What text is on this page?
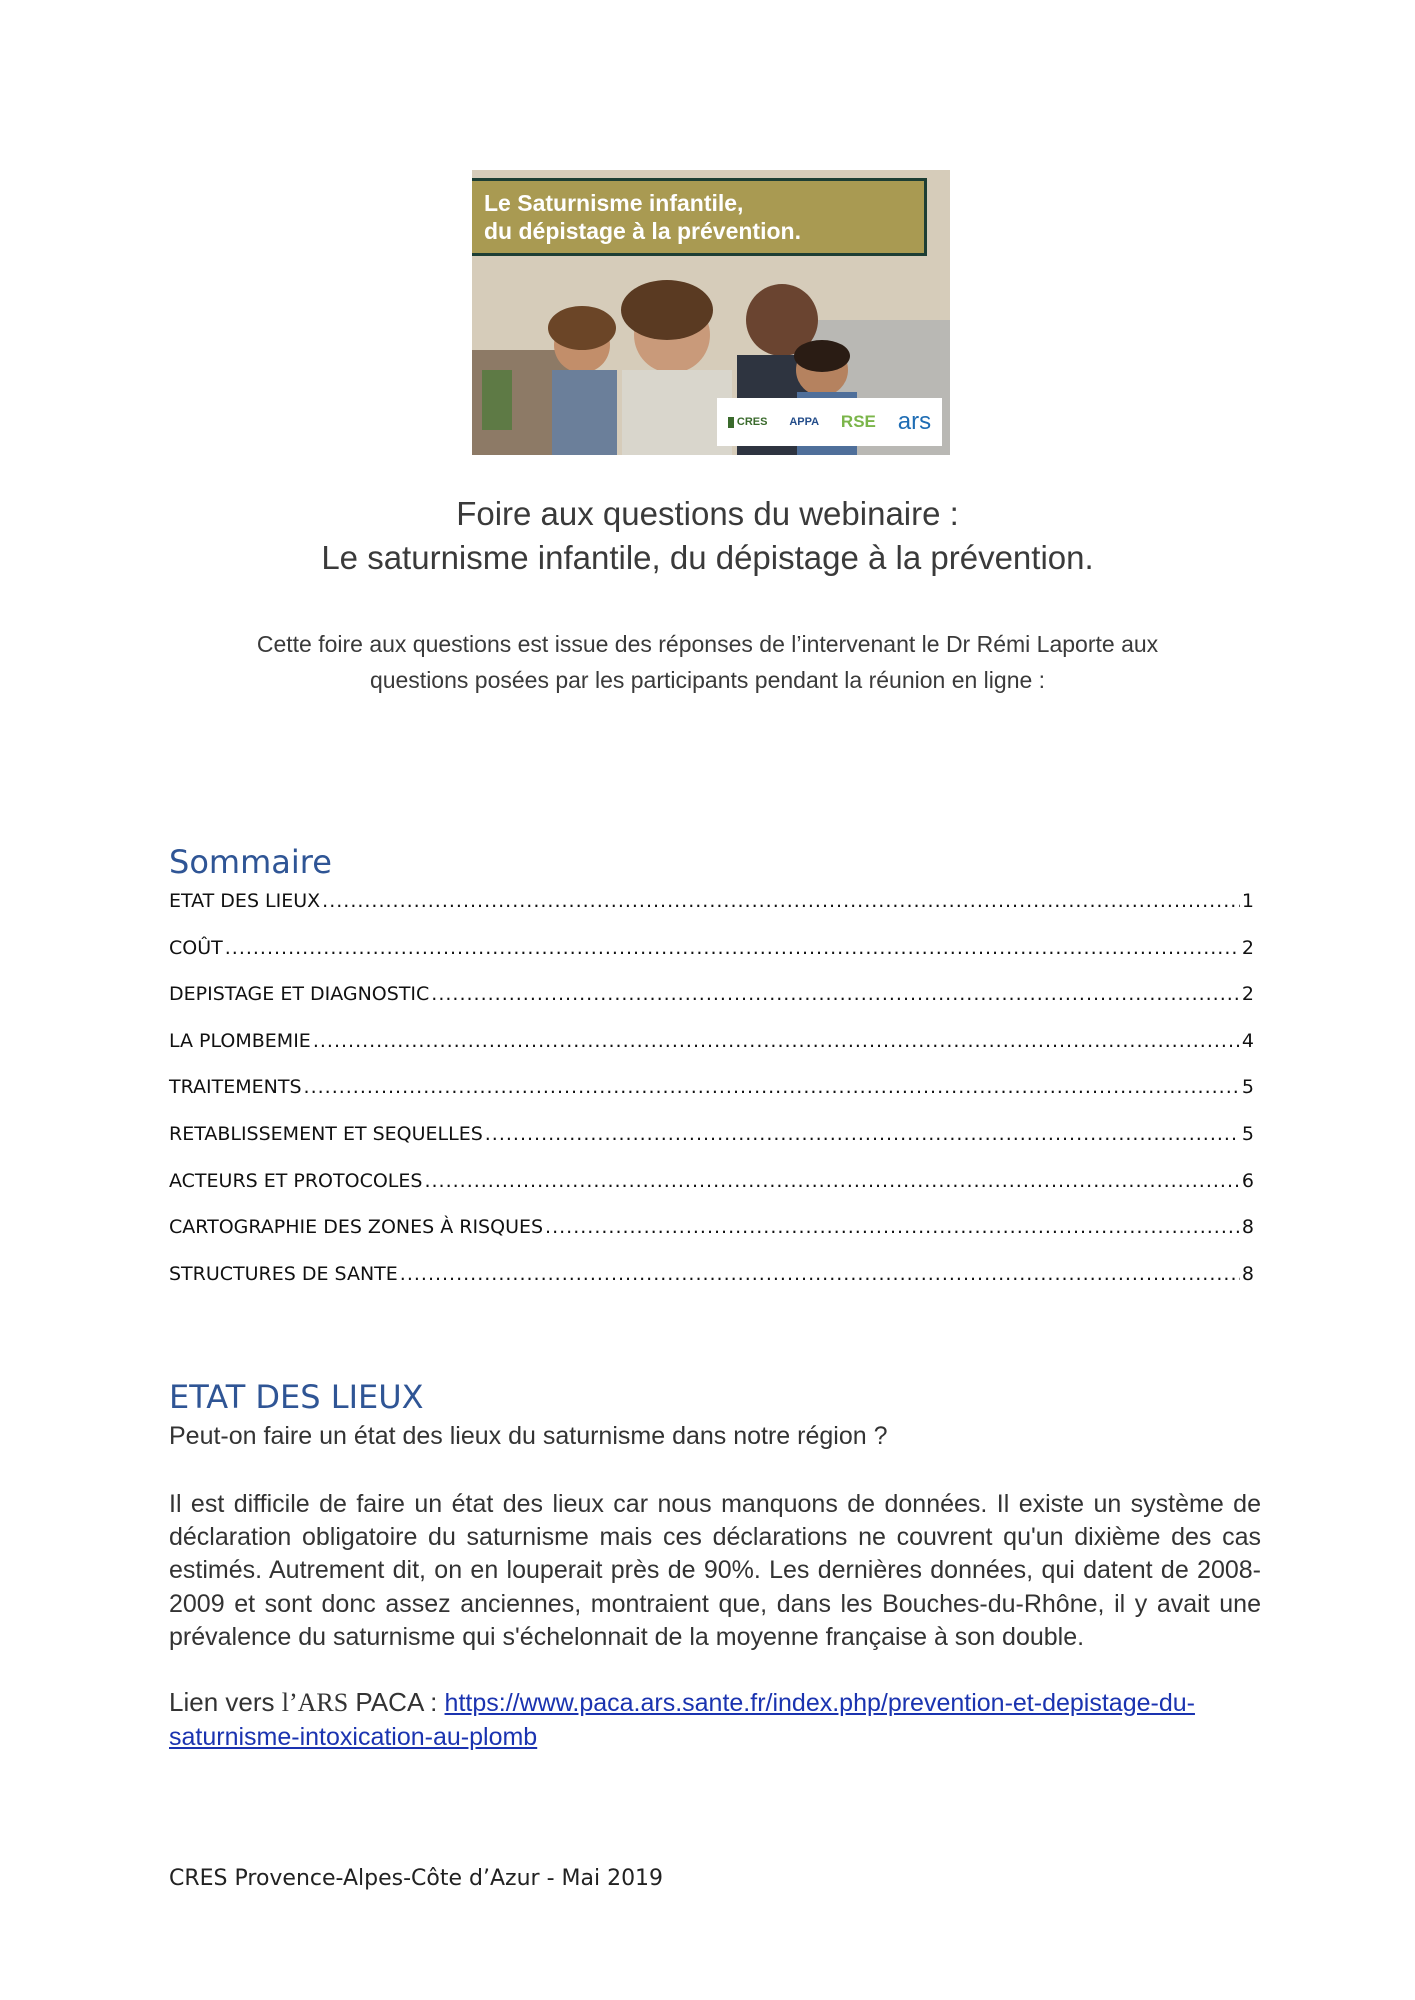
Le Saturnisme infantile,
du dépistage à la prévention.
CRES APPA RSE ars
Foire aux questions du webinaire :
Le saturnisme infantile, du dépistage à la prévention.
Cette foire aux questions est issue des réponses de l’intervenant le Dr Rémi Laporte aux
questions posées par les participants pendant la réunion en ligne :
Sommaire
ETAT DES LIEUX .....	1
COÛT .....	2
DEPISTAGE ET DIAGNOSTIC .....	2
LA PLOMBEMIE .....	4
TRAITEMENTS .....	5
RETABLISSEMENT ET SEQUELLES .....	5
ACTEURS ET PROTOCOLES .....	6
CARTOGRAPHIE DES ZONES À RISQUES .....	8
STRUCTURES DE SANTE .....	8
ETAT DES LIEUX
Peut-on faire un état des lieux du saturnisme dans notre région ?
Il est difficile de faire un état des lieux car nous manquons de données. Il existe un système de déclaration obligatoire du saturnisme mais ces déclarations ne couvrent qu'un dixième des cas estimés. Autrement dit, on en louperait près de 90%. Les dernières données, qui datent de 2008-2009 et sont donc assez anciennes, montraient que, dans les Bouches-du-Rhône, il y avait une prévalence du saturnisme qui s'échelonnait de la moyenne française à son double.
Lien vers l’ARS PACA : https://www.paca.ars.sante.fr/index.php/prevention-et-depistage-du-saturnisme-intoxication-au-plomb
CRES Provence-Alpes-Côte d’Azur - Mai 2019
